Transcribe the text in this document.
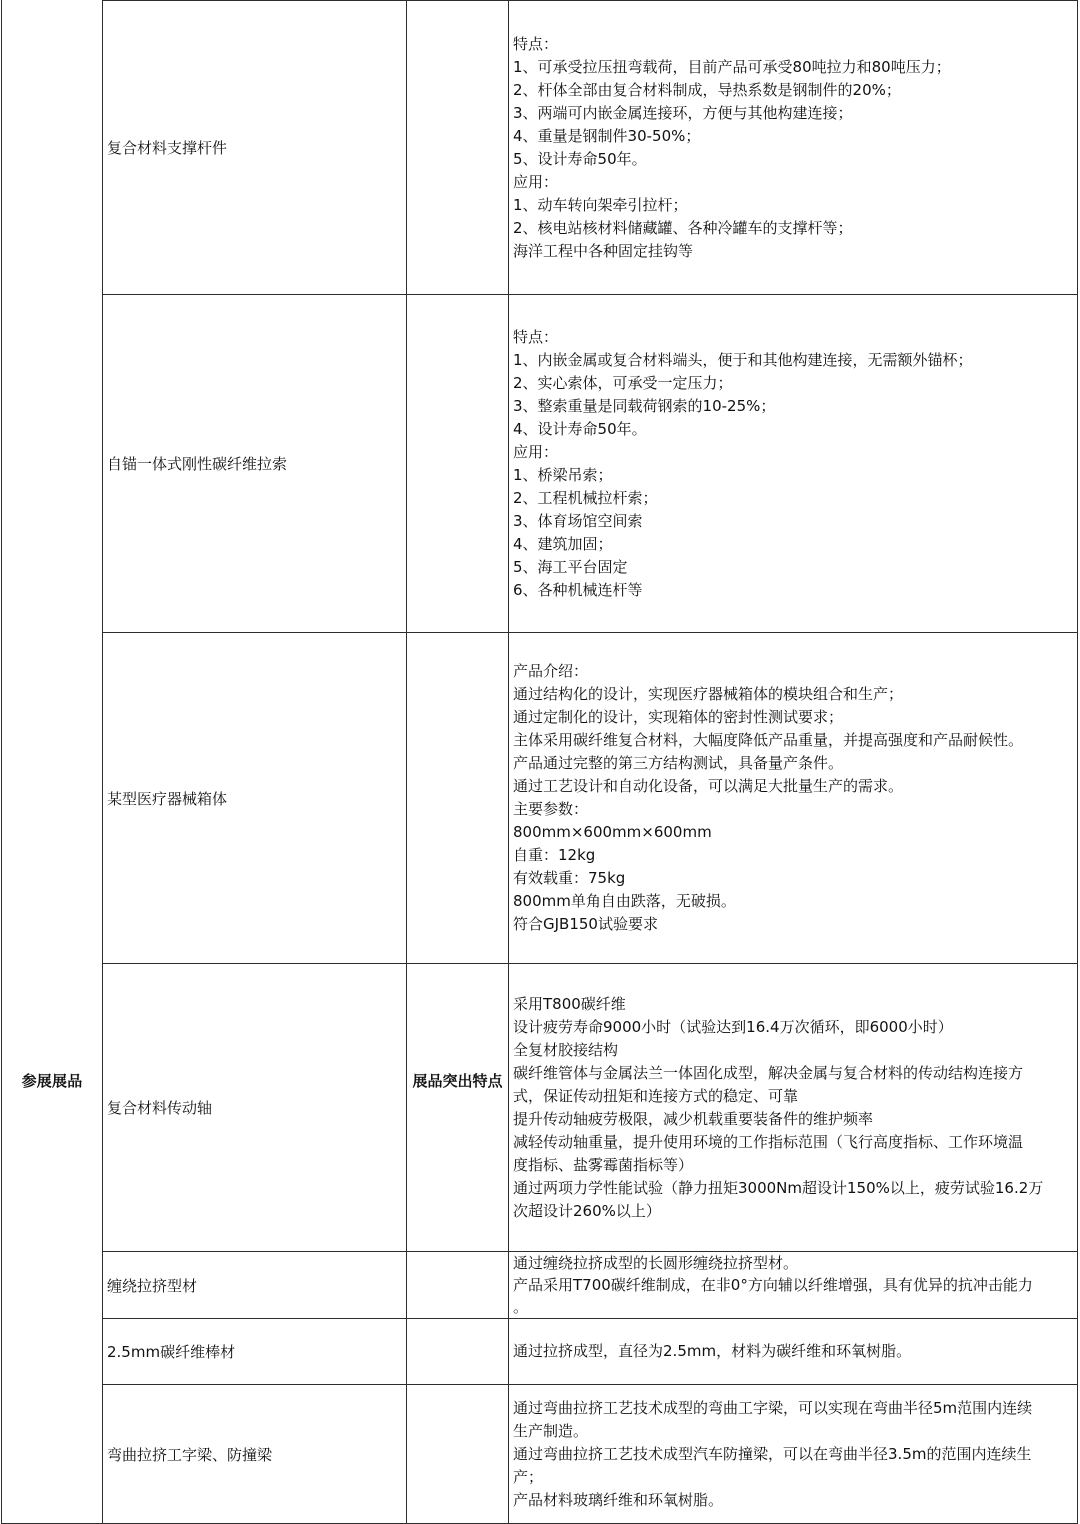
参展展品	展品突出特点
复合材料支撑杆件
特点：
1、可承受拉压扭弯载荷，目前产品可承受80吨拉力和80吨压力；
2、杆体全部由复合材料制成，导热系数是钢制件的20%；
3、两端可内嵌金属连接环，方便与其他构建连接；
4、重量是钢制件30-50%；
5、设计寿命50年。
应用：
1、动车转向架牵引拉杆；
2、核电站核材料储藏罐、各种冷罐车的支撑杆等；
海洋工程中各种固定挂钩等
自锚一体式刚性碳纤维拉索
特点：
1、内嵌金属或复合材料端头，便于和其他构建连接，无需额外锚杯；
2、实心索体，可承受一定压力；
3、整索重量是同载荷钢索的10-25%；
4、设计寿命50年。
应用：
1、桥梁吊索；
2、工程机械拉杆索；
3、体育场馆空间索
4、建筑加固；
5、海工平台固定
6、各种机械连杆等
某型医疗器械箱体
产品介绍：
通过结构化的设计，实现医疗器械箱体的模块组合和生产；
通过定制化的设计，实现箱体的密封性测试要求；
主体采用碳纤维复合材料，大幅度降低产品重量，并提高强度和产品耐候性。
产品通过完整的第三方结构测试，具备量产条件。
通过工艺设计和自动化设备，可以满足大批量生产的需求。
主要参数：
800mm×600mm×600mm
自重：12kg
有效载重：75kg
800mm单角自由跌落，无破损。
符合GJB150试验要求
复合材料传动轴
采用T800碳纤维
设计疲劳寿命9000小时（试验达到16.4万次循环，即6000小时）
全复材胶接结构
碳纤维管体与金属法兰一体固化成型，解决金属与复合材料的传动结构连接方
式，保证传动扭矩和连接方式的稳定、可靠
提升传动轴疲劳极限，减少机载重要装备件的维护频率
减轻传动轴重量，提升使用环境的工作指标范围（飞行高度指标、工作环境温
度指标、盐雾霉菌指标等）
通过两项力学性能试验（静力扭矩3000Nm超设计150%以上，疲劳试验16.2万
次超设计260%以上）
缠绕拉挤型材
通过缠绕拉挤成型的长圆形缠绕拉挤型材。
产品采用T700碳纤维制成，在非0°方向辅以纤维增强，具有优异的抗冲击能力
。
2.5mm碳纤维棒材	通过拉挤成型，直径为2.5mm，材料为碳纤维和环氧树脂。
弯曲拉挤工字梁、防撞梁
通过弯曲拉挤工艺技术成型的弯曲工字梁，可以实现在弯曲半径5m范围内连续
生产制造。
通过弯曲拉挤工艺技术成型汽车防撞梁，可以在弯曲半径3.5m的范围内连续生
产；
产品材料玻璃纤维和环氧树脂。
